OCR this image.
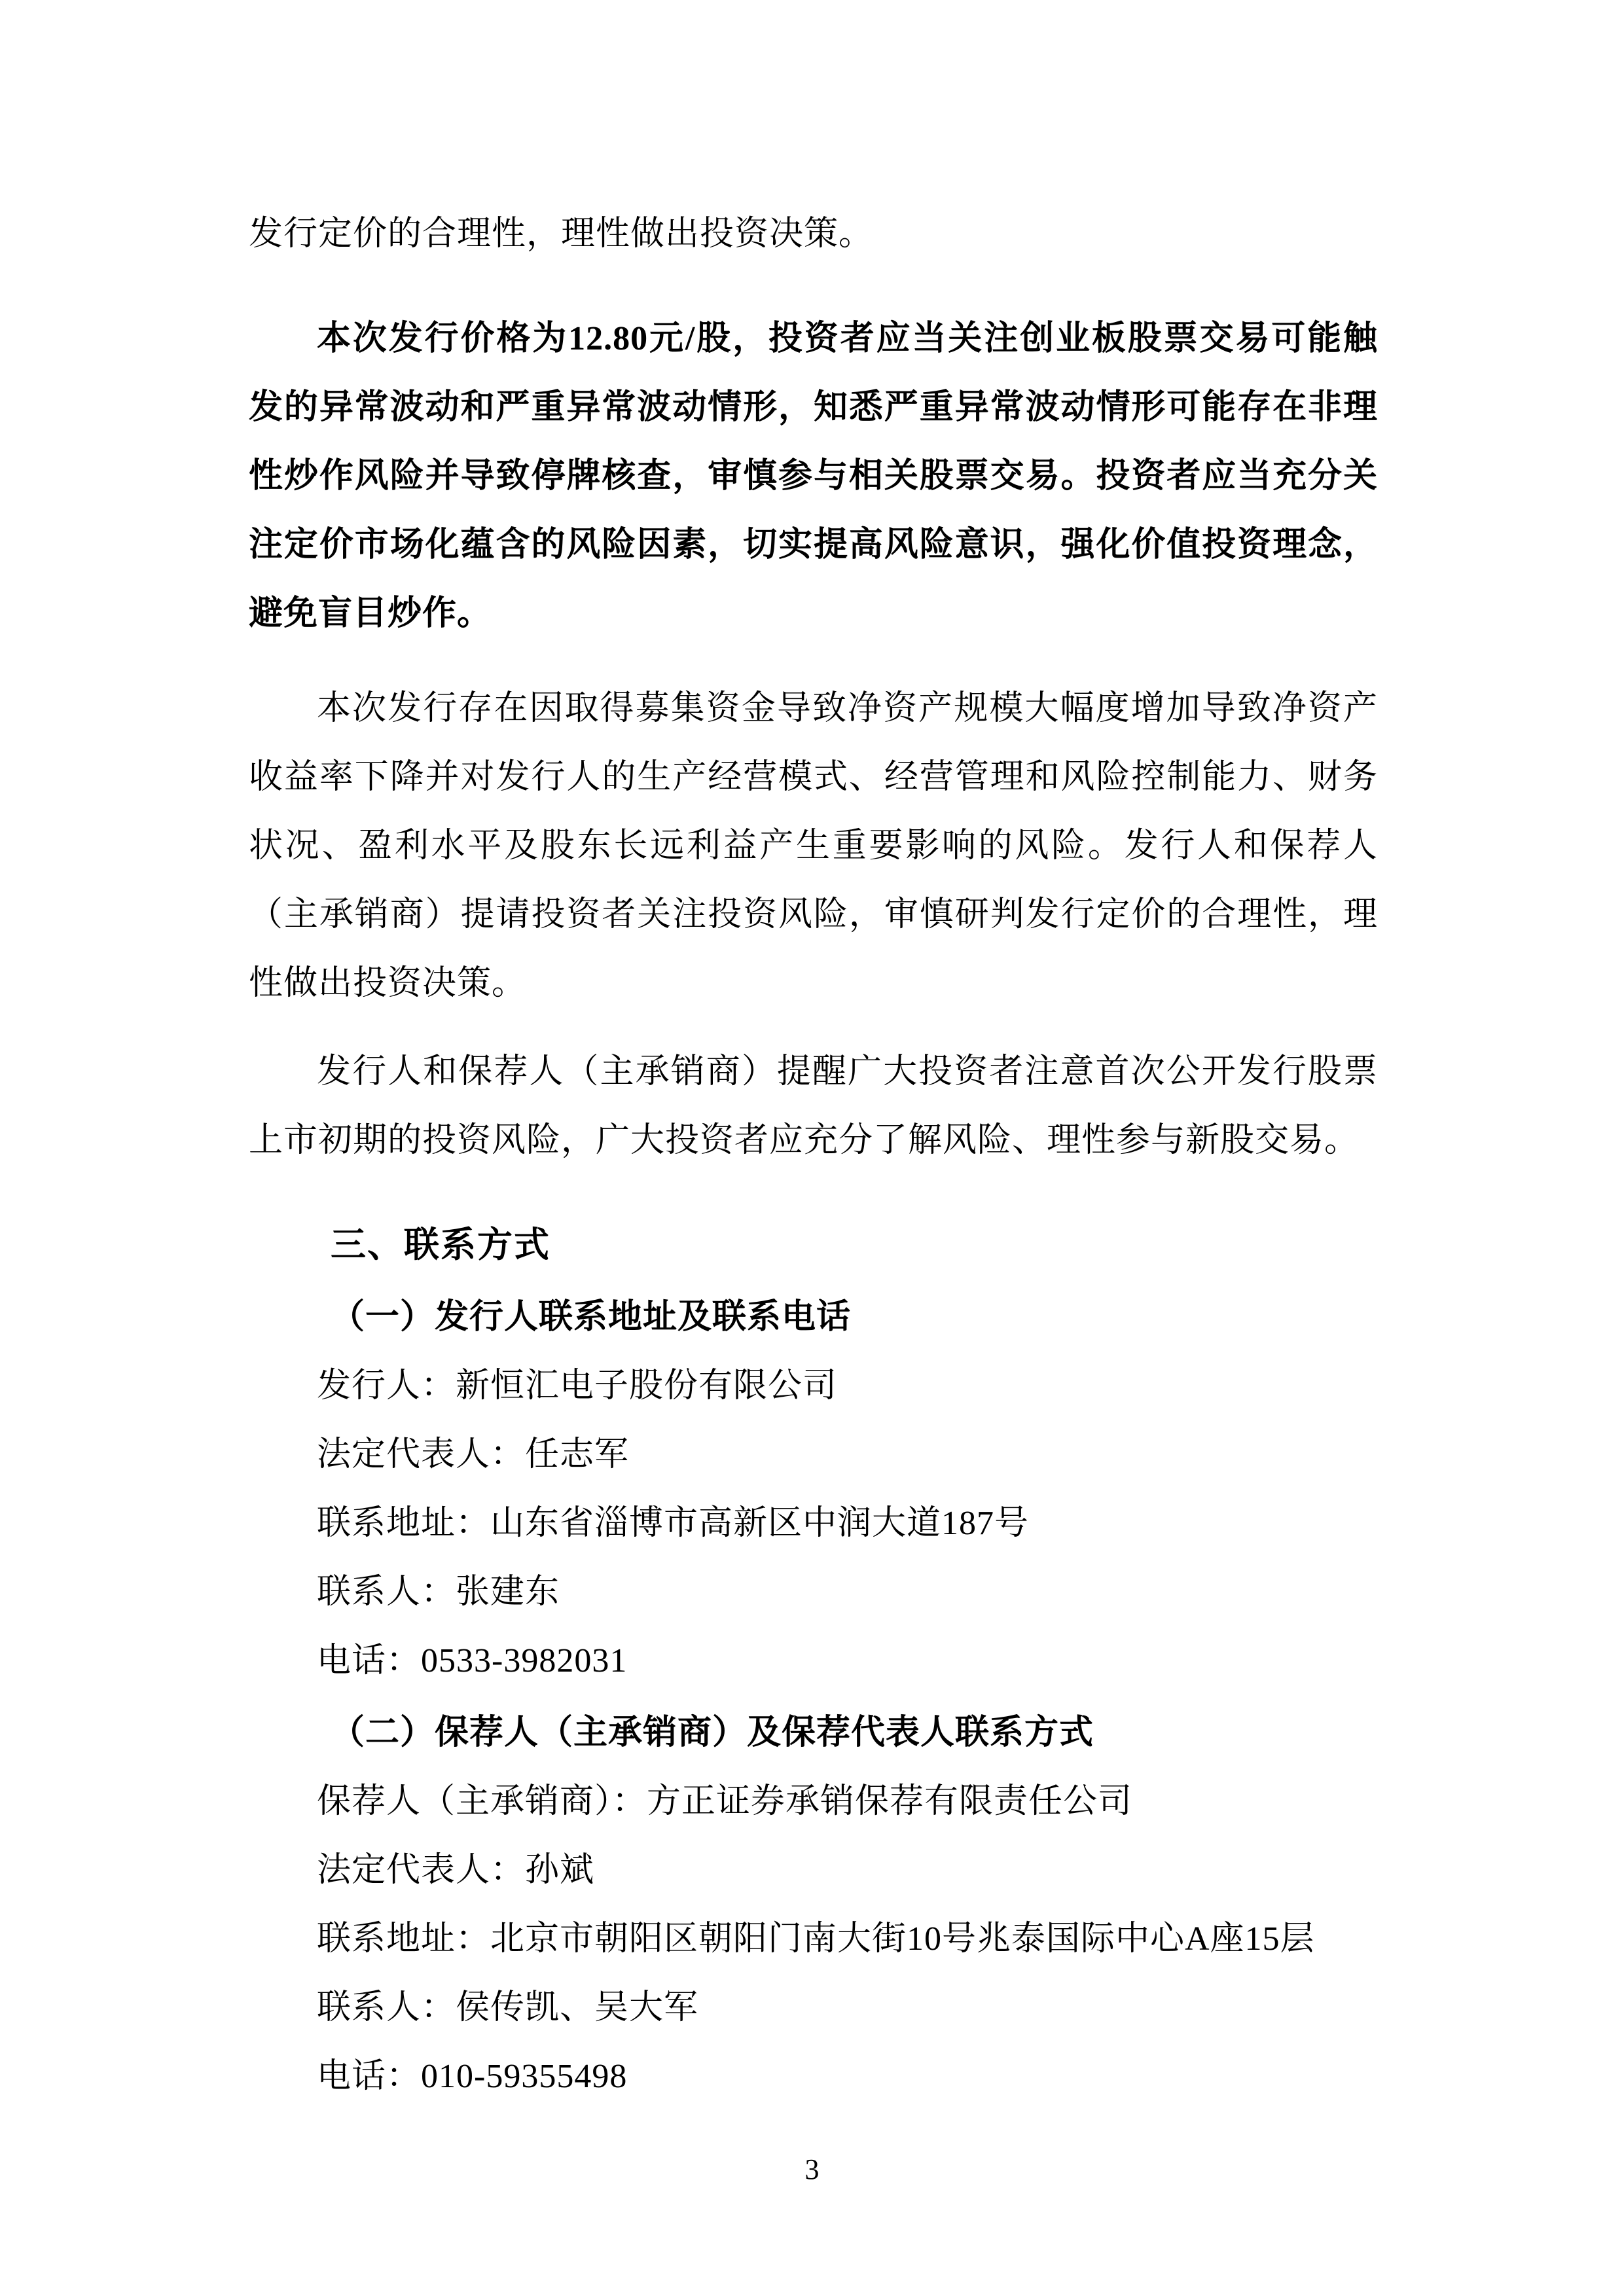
发行定价的合理性，理性做出投资决策。

本次发行价格为12.80元/股，投资者应当关注创业板股票交易可能触发的异常波动和严重异常波动情形，知悉严重异常波动情形可能存在非理性炒作风险并导致停牌核查，审慎参与相关股票交易。投资者应当充分关注定价市场化蕴含的风险因素，切实提高风险意识，强化价值投资理念，避免盲目炒作。

本次发行存在因取得募集资金导致净资产规模大幅度增加导致净资产收益率下降并对发行人的生产经营模式、经营管理和风险控制能力、财务状况、盈利水平及股东长远利益产生重要影响的风险。发行人和保荐人（主承销商）提请投资者关注投资风险，审慎研判发行定价的合理性，理性做出投资决策。

发行人和保荐人（主承销商）提醒广大投资者注意首次公开发行股票上市初期的投资风险，广大投资者应充分了解风险、理性参与新股交易。

三、联系方式
（一）发行人联系地址及联系电话

发行人：新恒汇电子股份有限公司

法定代表人：任志军

联系地址：山东省淄博市高新区中润大道187号

联系人：张建东

电话：0533-3982031

（二）保荐人（主承销商）及保荐代表人联系方式

保荐人（主承销商）：方正证券承销保荐有限责任公司

法定代表人：孙斌

联系地址：北京市朝阳区朝阳门南大街10号兆泰国际中心A座15层

联系人：侯传凯、吴大军

电话：010-59355498

3
